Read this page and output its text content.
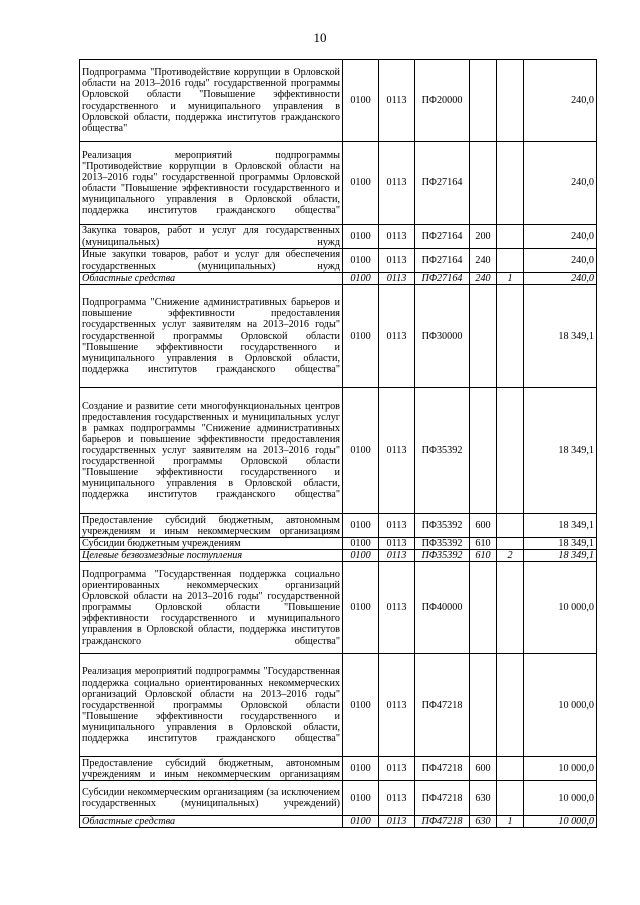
10
Подпрограмма "Противодействие коррупции в Орловской области на 2013–2016 годы" государственной программы Орловской области "Повышение эффективности государственного и муниципального управления в Орловской области, поддержка институтов гражданского общества"	0100	0113	ПФ20000			240,0
Реализация мероприятий подпрограммы "Противодействие коррупции в Орловской области на 2013–2016 годы" государственной программы Орловской области "Повышение эффективности государственного и муниципального управления в Орловской области, поддержка институтов гражданского общества"	0100	0113	ПФ27164			240,0
Закупка товаров, работ и услуг для государственных (муниципальных) нужд	0100	0113	ПФ27164	200		240,0
Иные закупки товаров, работ и услуг для обеспечения государственных (муниципальных) нужд	0100	0113	ПФ27164	240		240,0
Областные средства	0100	0113	ПФ27164	240	1	240,0
Подпрограмма "Снижение административных барьеров и повышение эффективности предоставления государственных услуг заявителям на 2013–2016 годы" государственной программы Орловской области "Повышение эффективности государственного и муниципального управления в Орловской области, поддержка институтов гражданского общества"	0100	0113	ПФ30000			18 349,1
Создание и развитие сети многофункциональных центров предоставления государственных и муниципальных услуг в рамках подпрограммы "Снижение административных барьеров и повышение эффективности предоставления государственных услуг заявителям на 2013–2016 годы" государственной программы Орловской области "Повышение эффективности государственного и муниципального управления в Орловской области, поддержка институтов гражданского общества"	0100	0113	ПФ35392			18 349,1
Предоставление субсидий бюджетным, автономным учреждениям и иным некоммерческим организациям	0100	0113	ПФ35392	600		18 349,1
Субсидии бюджетным учреждениям	0100	0113	ПФ35392	610		18 349,1
Целевые безвозмездные поступления	0100	0113	ПФ35392	610	2	18 349,1
Подпрограмма "Государственная поддержка социально ориентированных некоммерческих организаций Орловской области на 2013–2016 годы" государственной программы Орловской области "Повышение эффективности государственного и муниципального управления в Орловской области, поддержка институтов гражданского общества"	0100	0113	ПФ40000			10 000,0
Реализация мероприятий подпрограммы "Государственная поддержка социально ориентированных некоммерческих организаций Орловской области на 2013–2016 годы" государственной программы Орловской области "Повышение эффективности государственного и муниципального управления в Орловской области, поддержка институтов гражданского общества"	0100	0113	ПФ47218			10 000,0
Предоставление субсидий бюджетным, автономным учреждениям и иным некоммерческим организациям	0100	0113	ПФ47218	600		10 000,0
Субсидии некоммерческим организациям (за исключением государственных (муниципальных) учреждений)	0100	0113	ПФ47218	630		10 000,0
Областные средства	0100	0113	ПФ47218	630	1	10 000,0
